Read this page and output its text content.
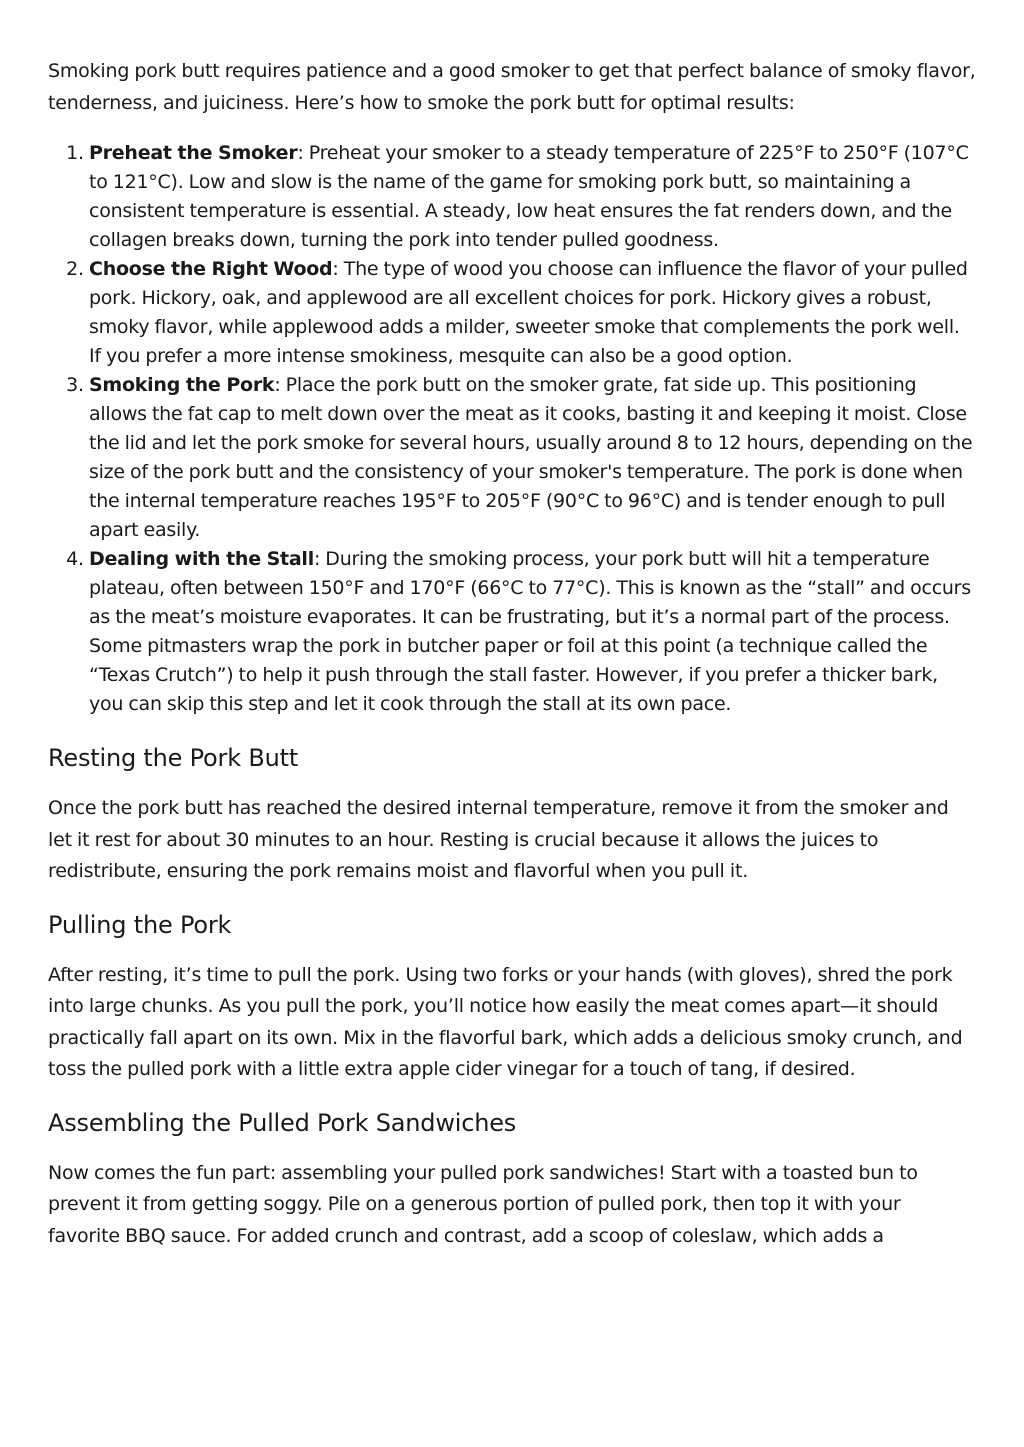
Smoking pork butt requires patience and a good smoker to get that perfect balance of smoky flavor, tenderness, and juiciness. Here’s how to smoke the pork butt for optimal results:

1. Preheat the Smoker: Preheat your smoker to a steady temperature of 225°F to 250°F (107°C to 121°C). Low and slow is the name of the game for smoking pork butt, so maintaining a consistent temperature is essential. A steady, low heat ensures the fat renders down, and the collagen breaks down, turning the pork into tender pulled goodness.
2. Choose the Right Wood: The type of wood you choose can influence the flavor of your pulled pork. Hickory, oak, and applewood are all excellent choices for pork. Hickory gives a robust, smoky flavor, while applewood adds a milder, sweeter smoke that complements the pork well. If you prefer a more intense smokiness, mesquite can also be a good option.
3. Smoking the Pork: Place the pork butt on the smoker grate, fat side up. This positioning allows the fat cap to melt down over the meat as it cooks, basting it and keeping it moist. Close the lid and let the pork smoke for several hours, usually around 8 to 12 hours, depending on the size of the pork butt and the consistency of your smoker's temperature. The pork is done when the internal temperature reaches 195°F to 205°F (90°C to 96°C) and is tender enough to pull apart easily.
4. Dealing with the Stall: During the smoking process, your pork butt will hit a temperature plateau, often between 150°F and 170°F (66°C to 77°C). This is known as the “stall” and occurs as the meat’s moisture evaporates. It can be frustrating, but it’s a normal part of the process. Some pitmasters wrap the pork in butcher paper or foil at this point (a technique called the “Texas Crutch”) to help it push through the stall faster. However, if you prefer a thicker bark, you can skip this step and let it cook through the stall at its own pace.
Resting the Pork Butt

Once the pork butt has reached the desired internal temperature, remove it from the smoker and let it rest for about 30 minutes to an hour. Resting is crucial because it allows the juices to redistribute, ensuring the pork remains moist and flavorful when you pull it.

Pulling the Pork

After resting, it’s time to pull the pork. Using two forks or your hands (with gloves), shred the pork into large chunks. As you pull the pork, you’ll notice how easily the meat comes apart—it should practically fall apart on its own. Mix in the flavorful bark, which adds a delicious smoky crunch, and toss the pulled pork with a little extra apple cider vinegar for a touch of tang, if desired.

Assembling the Pulled Pork Sandwiches

Now comes the fun part: assembling your pulled pork sandwiches! Start with a toasted bun to prevent it from getting soggy. Pile on a generous portion of pulled pork, then top it with your favorite BBQ sauce. For added crunch and contrast, add a scoop of coleslaw, which adds a
